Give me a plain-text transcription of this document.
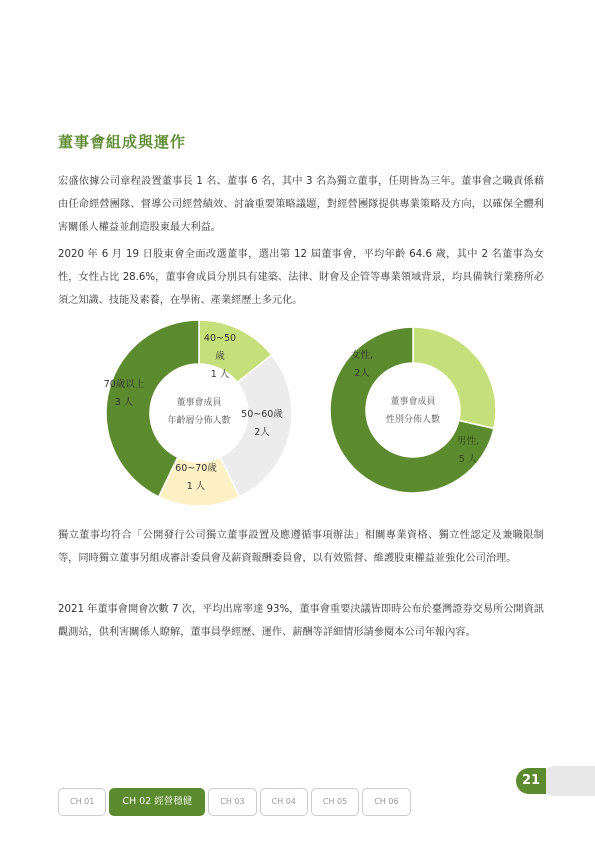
董事會組成與運作
宏盛依據公司章程設置董事長 1 名、董事 6 名，其中 3 名為獨立董事，任期皆為三年。董事會之職責係藉由任命經營團隊、督導公司經營績效、討論重要策略議題，對經營團隊提供專業策略及方向，以確保全體利害關係人權益並創造股東最大利益。
2020 年 6 月 19 日股東會全面改選董事，選出第 12 屆董事會，平均年齡 64.6 歲，其中 2 名董事為女性，女性占比 28.6%，董事會成員分別具有建築、法律、財會及企管等專業領域背景，均具備執行業務所必須之知識、技能及素養，在學術、產業經歷上多元化。
董事會成員
年齡層分佈人數
40~50歲
1 人
50~60歲
2人
60~70歲
1 人
70歲以上
3 人	董事會成員
性別分佈人數
女性,
2人
男性,
5 人
獨立董事均符合「公開發行公司獨立董事設置及應遵循事項辦法」相關專業資格、獨立性認定及兼職限制等，同時獨立董事另組成審計委員會及薪資報酬委員會，以有效監督、維護股東權益並強化公司治理。
2021 年董事會開會次數 7 次，平均出席率達 93%，董事會重要決議皆即時公布於臺灣證券交易所公開資訊觀測站，供利害關係人瞭解，董事員學經歷、運作、薪酬等詳細情形請參閱本公司年報內容。
21
CH 01	CH 02 經營穩健	CH 03	CH 04	CH 05	CH 06
